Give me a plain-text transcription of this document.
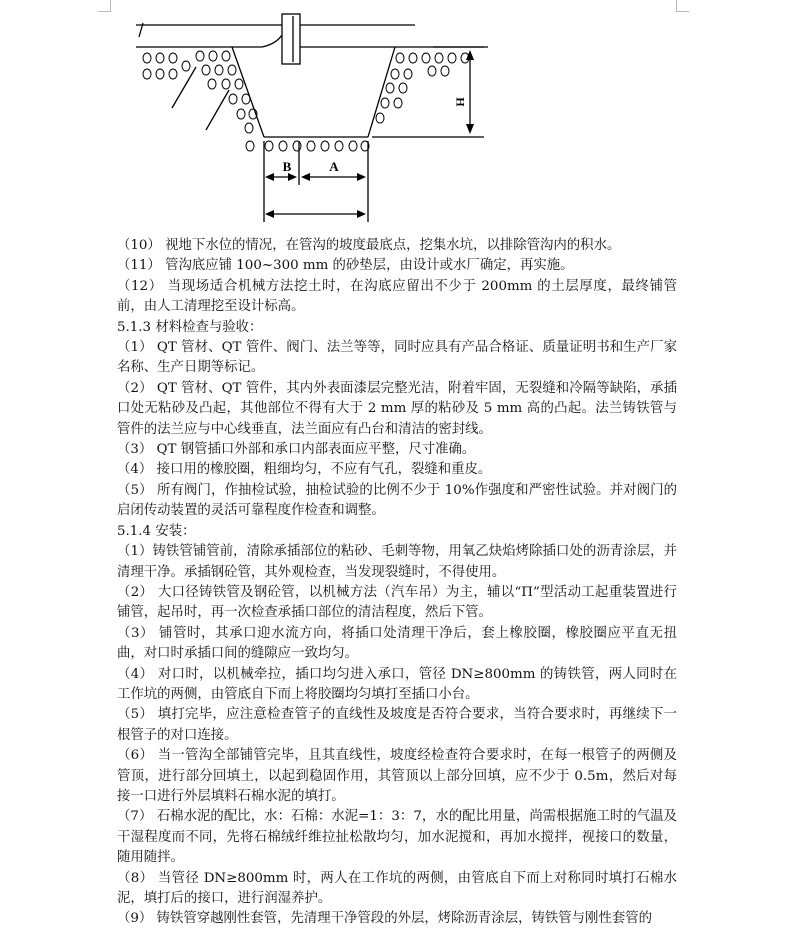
H
B	A

（10） 视地下水位的情况，在管沟的坡度最底点，挖集水坑，以排除管沟内的积水。

（11） 管沟底应铺 100~300 mm 的砂垫层，由设计或水厂确定，再实施。

（12） 当现场适合机械方法挖土时，在沟底应留出不少于 200mm 的土层厚度，最终铺管前，由人工清理挖至设计标高。

5.1.3 材料检查与验收：

（1） QT 管材、QT 管件、阀门、法兰等等，同时应具有产品合格证、质量证明书和生产厂家名称、生产日期等标记。

（2） QT 管材、QT 管件，其内外表面漆层完整光洁，附着牢固，无裂缝和冷隔等缺陷，承插口处无粘砂及凸起，其他部位不得有大于 2 mm 厚的粘砂及 5 mm 高的凸起。法兰铸铁管与管件的法兰应与中心线垂直，法兰面应有凸台和清洁的密封线。

（3） QT 钢管插口外部和承口内部表面应平整，尺寸准确。

（4） 接口用的橡胶圈，粗细均匀，不应有气孔，裂缝和重皮。

（5） 所有阀门，作抽检试验，抽检试验的比例不少于 10%作强度和严密性试验。并对阀门的启闭传动装置的灵活可靠程度作检查和调整。

5.1.4 安装：

（1）铸铁管铺管前，清除承插部位的粘砂、毛刺等物，用氧乙炔焰烤除插口处的沥青涂层，并清理干净。承插钢砼管，其外观检查，当发现裂缝时，不得使用。

（2） 大口径铸铁管及钢砼管，以机械方法（汽车吊）为主，辅以“Π”型活动工起重装置进行铺管，起吊时，再一次检查承插口部位的清洁程度，然后下管。

（3） 铺管时，其承口迎水流方向，将插口处清理干净后，套上橡胶圈，橡胶圈应平直无扭曲，对口时承插口间的缝隙应一致均匀。

（4） 对口时，以机械牵拉，插口均匀进入承口，管径 DN≥800mm 的铸铁管，两人同时在工作坑的两侧，由管底自下而上将胶圈均匀填打至插口小台。

（5） 填打完毕，应注意检查管子的直线性及坡度是否符合要求，当符合要求时，再继续下一根管子的对口连接。

（6） 当一管沟全部铺管完毕，且其直线性，坡度经检查符合要求时，在每一根管子的两侧及管顶，进行部分回填土，以起到稳固作用，其管顶以上部分回填，应不少于 0.5m，然后对每接一口进行外层填料石棉水泥的填打。

（7） 石棉水泥的配比，水：石棉：水泥=1：3：7，水的配比用量，尚需根据施工时的气温及干湿程度而不同，先将石棉绒纤维拉扯松散均匀，加水泥搅和，再加水搅拌，视接口的数量，随用随拌。

（8） 当管径 DN≥800mm 时，两人在工作坑的两侧，由管底自下而上对称同时填打石棉水泥，填打后的接口，进行润湿养护。

（9） 铸铁管穿越刚性套管，先清理干净管段的外层，烤除沥青涂层，铸铁管与刚性套管的
